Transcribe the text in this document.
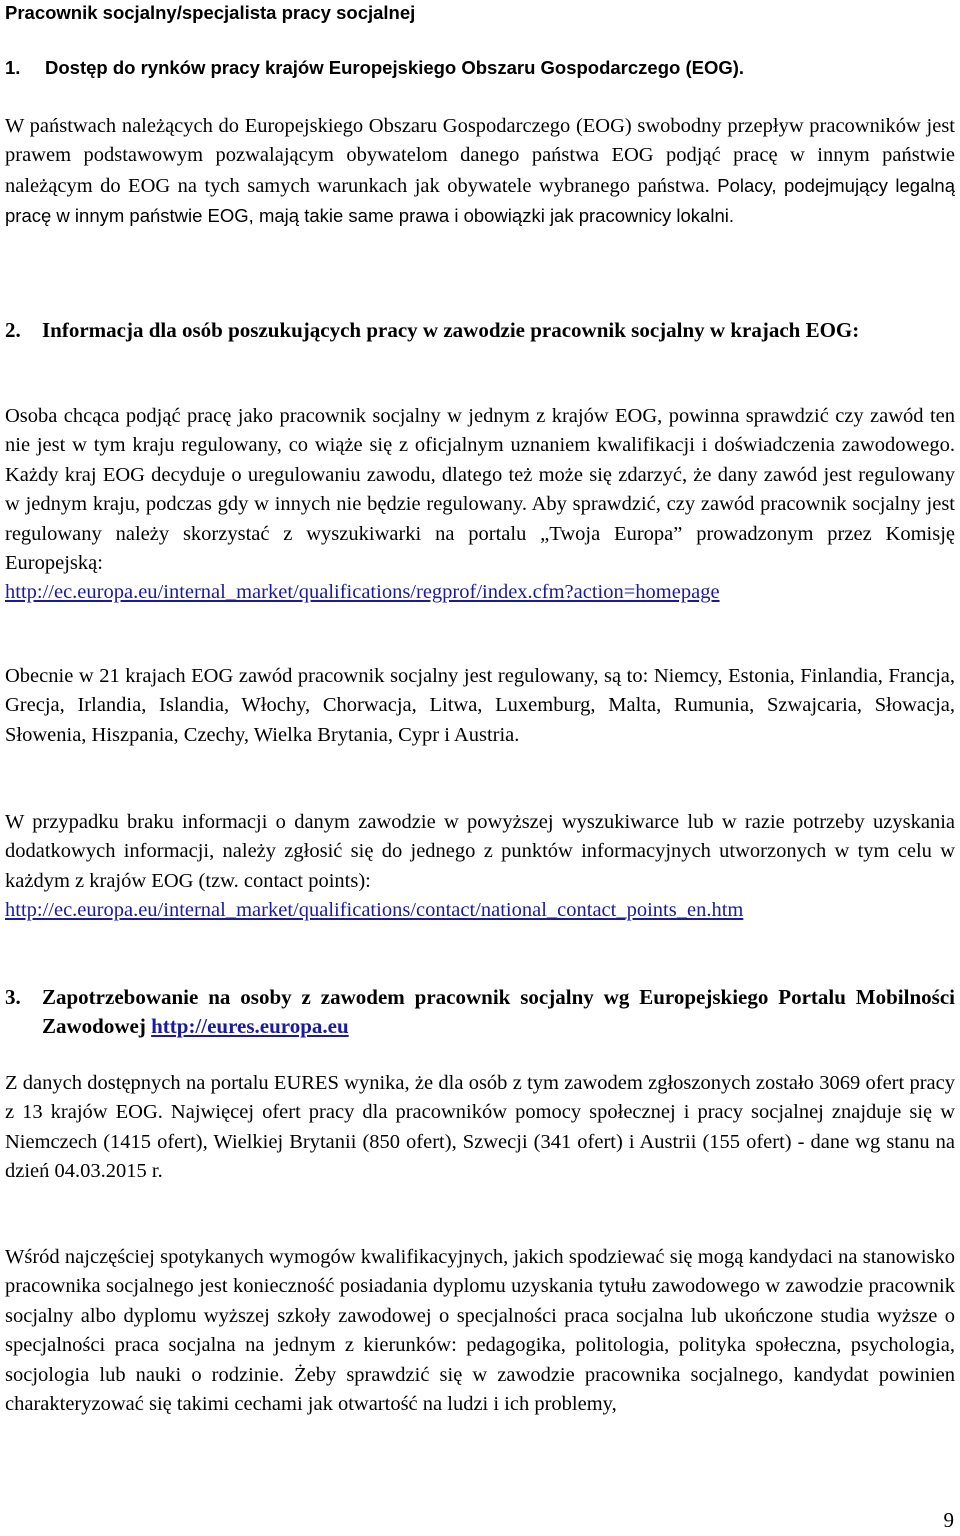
Pracownik socjalny/specjalista pracy socjalnej
1. Dostęp do rynków pracy krajów Europejskiego Obszaru Gospodarczego (EOG).

W państwach należących do Europejskiego Obszaru Gospodarczego (EOG) swobodny przepływ pracowników jest prawem podstawowym pozwalającym obywatelom danego państwa EOG podjąć pracę w innym państwie należącym do EOG na tych samych warunkach jak obywatele wybranego państwa. Polacy, podejmujący legalną pracę w innym państwie EOG, mają takie same prawa i obowiązki jak pracownicy lokalni.

2. Informacja dla osób poszukujących pracy w zawodzie pracownik socjalny w krajach EOG:

Osoba chcąca podjąć pracę jako pracownik socjalny w jednym z krajów EOG, powinna sprawdzić czy zawód ten nie jest w tym kraju regulowany, co wiąże się z oficjalnym uznaniem kwalifikacji i doświadczenia zawodowego. Każdy kraj EOG decyduje o uregulowaniu zawodu, dlatego też może się zdarzyć, że dany zawód jest regulowany w jednym kraju, podczas gdy w innych nie będzie regulowany. Aby sprawdzić, czy zawód pracownik socjalny jest regulowany należy skorzystać z wyszukiwarki na portalu „Twoja Europa” prowadzonym przez Komisję Europejską:
http://ec.europa.eu/internal_market/qualifications/regprof/index.cfm?action=homepage

Obecnie w 21 krajach EOG zawód pracownik socjalny jest regulowany, są to: Niemcy, Estonia, Finlandia, Francja, Grecja, Irlandia, Islandia, Włochy, Chorwacja, Litwa, Luxemburg, Malta, Rumunia, Szwajcaria, Słowacja, Słowenia, Hiszpania, Czechy, Wielka Brytania, Cypr i Austria.

W przypadku braku informacji o danym zawodzie w powyższej wyszukiwarce lub w razie potrzeby uzyskania dodatkowych informacji, należy zgłosić się do jednego z punktów informacyjnych utworzonych w tym celu w każdym z krajów EOG (tzw. contact points):
http://ec.europa.eu/internal_market/qualifications/contact/national_contact_points_en.htm

3. Zapotrzebowanie na osoby z zawodem pracownik socjalny wg Europejskiego Portalu Mobilności Zawodowej http://eures.europa.eu

Z danych dostępnych na portalu EURES wynika, że dla osób z tym zawodem zgłoszonych zostało 3069 ofert pracy z 13 krajów EOG. Najwięcej ofert pracy dla pracowników pomocy społecznej i pracy socjalnej znajduje się w Niemczech (1415 ofert), Wielkiej Brytanii (850 ofert), Szwecji (341 ofert) i Austrii (155 ofert) - dane wg stanu na dzień 04.03.2015 r.

Wśród najczęściej spotykanych wymogów kwalifikacyjnych, jakich spodziewać się mogą kandydaci na stanowisko pracownika socjalnego jest konieczność posiadania dyplomu uzyskania tytułu zawodowego w zawodzie pracownik socjalny albo dyplomu wyższej szkoły zawodowej o specjalności praca socjalna lub ukończone studia wyższe o specjalności praca socjalna na jednym z kierunków: pedagogika, politologia, polityka społeczna, psychologia, socjologia lub nauki o rodzinie. Żeby sprawdzić się w zawodzie pracownika socjalnego, kandydat powinien charakteryzować się takimi cechami jak otwartość na ludzi i ich problemy,

9
